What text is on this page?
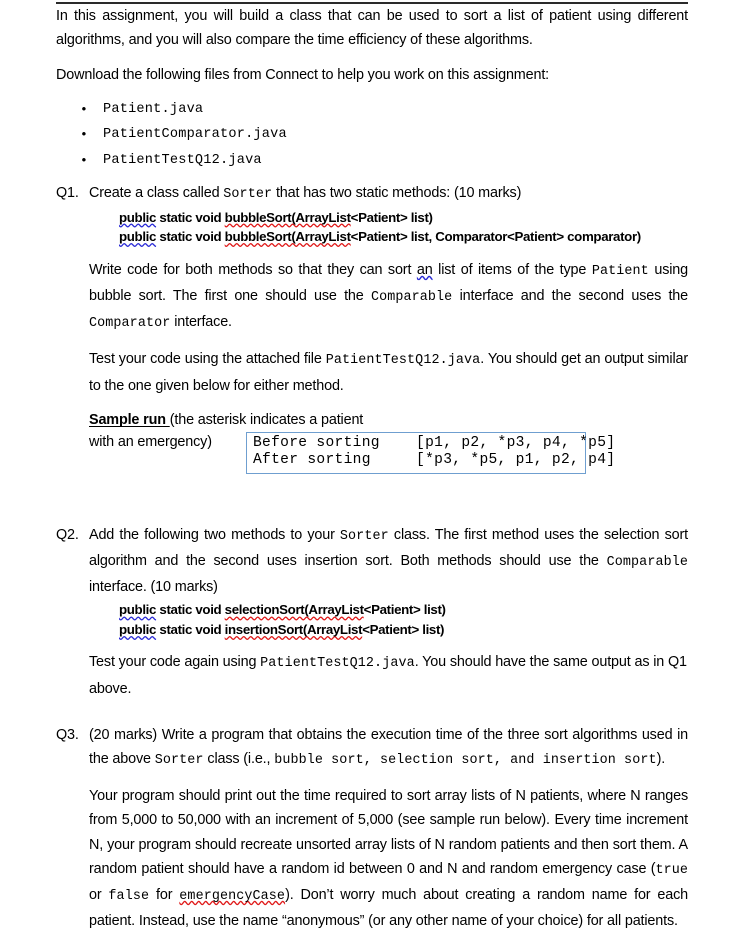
In this assignment, you will build a class that can be used to sort a list of patient using different algorithms, and you will also compare the time efficiency of these algorithms.

Download the following files from Connect to help you work on this assignment:

• Patient.java
• PatientComparator.java
• PatientTestQ12.java
Q1. Create a class called Sorter that has two static methods: (10 marks)

public static void bubbleSort(ArrayList<Patient> list)
public static void bubbleSort(ArrayList<Patient> list, Comparator<Patient> comparator)

Write code for both methods so that they can sort an list of items of the type Patient using bubble sort. The first one should use the Comparable interface and the second uses the Comparator interface.

Test your code using the attached file PatientTestQ12.java. You should get an output similar to the one given below for either method.

Sample run (the asterisk indicates a patient with an emergency)	Before sorting    [p1, p2, *p3, p4, *p5]
After sorting     [*p3, *p5, p1, p2, p4]
Q2. Add the following two methods to your Sorter class. The first method uses the selection sort algorithm and the second uses insertion sort. Both methods should use the Comparable interface. (10 marks)

public static void selectionSort(ArrayList<Patient> list)
public static void insertionSort(ArrayList<Patient> list)

Test your code again using PatientTestQ12.java. You should have the same output as in Q1 above.

Q3. (20 marks) Write a program that obtains the execution time of the three sort algorithms used in the above Sorter class (i.e., bubble sort, selection sort, and insertion sort).

Your program should print out the time required to sort array lists of N patients, where N ranges from 5,000 to 50,000 with an increment of 5,000 (see sample run below). Every time increment N, your program should recreate unsorted array lists of N random patients and then sort them. A random patient should have a random id between 0 and N and random emergency case (true or false for emergencyCase). Don’t worry much about creating a random name for each patient. Instead, use the name “anonymous” (or any other name of your choice) for all patients.
